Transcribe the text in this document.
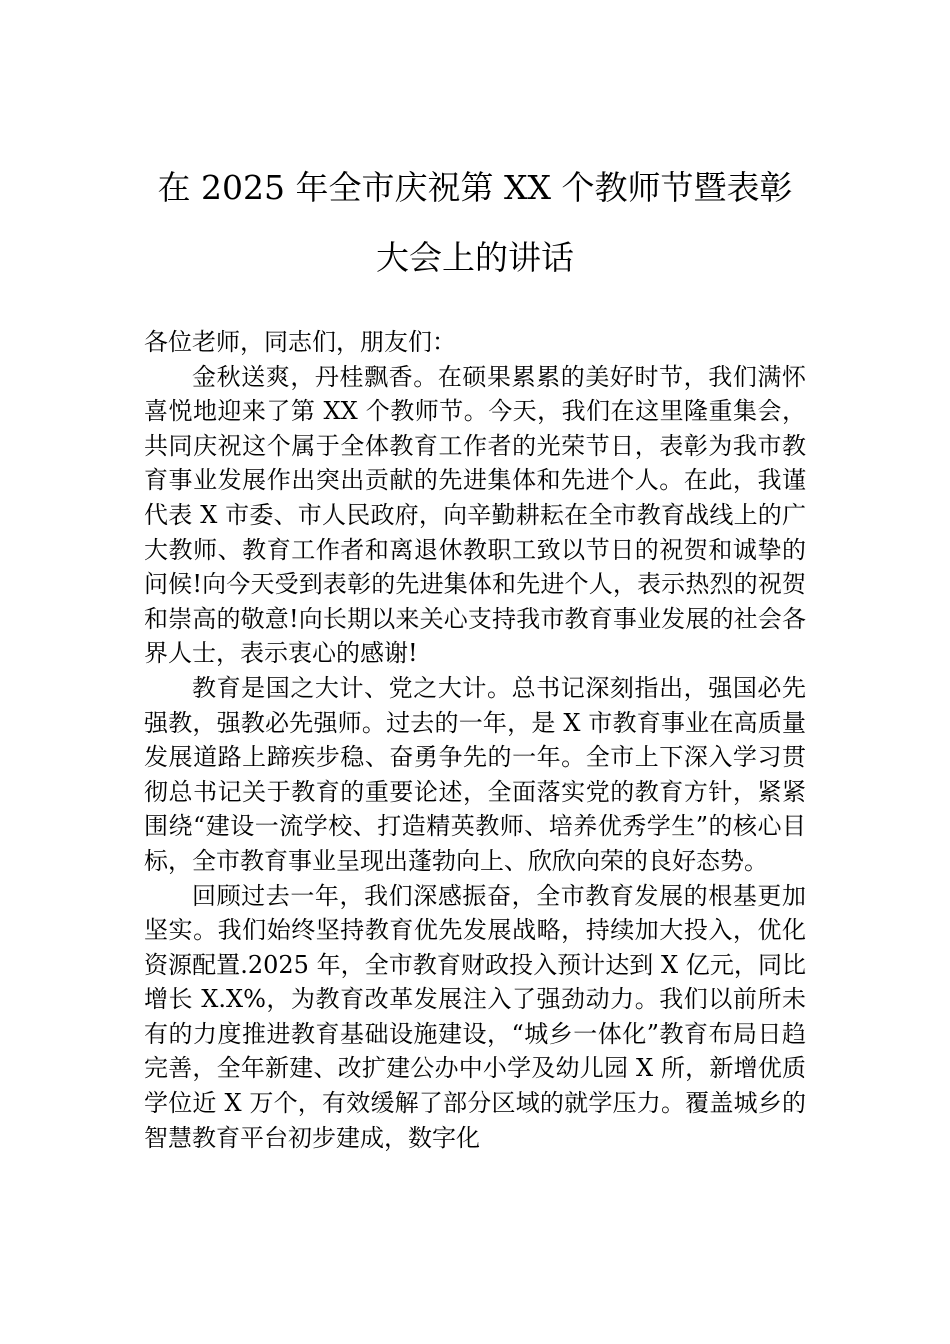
在 2025 年全市庆祝第 XX 个教师节暨表彰
大会上的讲话

各位老师，同志们，朋友们：

金秋送爽，丹桂飘香。在硕果累累的美好时节，我们满怀喜悦地迎来了第 XX 个教师节。今天，我们在这里隆重集会，共同庆祝这个属于全体教育工作者的光荣节日，表彰为我市教育事业发展作出突出贡献的先进集体和先进个人。在此，我谨代表 X 市委、市人民政府，向辛勤耕耘在全市教育战线上的广大教师、教育工作者和离退休教职工致以节日的祝贺和诚挚的问候!向今天受到表彰的先进集体和先进个人，表示热烈的祝贺和崇高的敬意!向长期以来关心支持我市教育事业发展的社会各界人士，表示衷心的感谢!

教育是国之大计、党之大计。总书记深刻指出，强国必先强教，强教必先强师。过去的一年，是 X 市教育事业在高质量发展道路上蹄疾步稳、奋勇争先的一年。全市上下深入学习贯彻总书记关于教育的重要论述，全面落实党的教育方针，紧紧围绕“建设一流学校、打造精英教师、培养优秀学生”的核心目标，全市教育事业呈现出蓬勃向上、欣欣向荣的良好态势。

回顾过去一年，我们深感振奋，全市教育发展的根基更加坚实。我们始终坚持教育优先发展战略，持续加大投入，优化资源配置.2025 年，全市教育财政投入预计达到 X 亿元，同比增长 X.X%，为教育改革发展注入了强劲动力。我们以前所未有的力度推进教育基础设施建设，“城乡一体化”教育布局日趋完善，全年新建、改扩建公办中小学及幼儿园 X 所，新增优质学位近 X 万个，有效缓解了部分区域的就学压力。覆盖城乡的智慧教育平台初步建成，数字化
